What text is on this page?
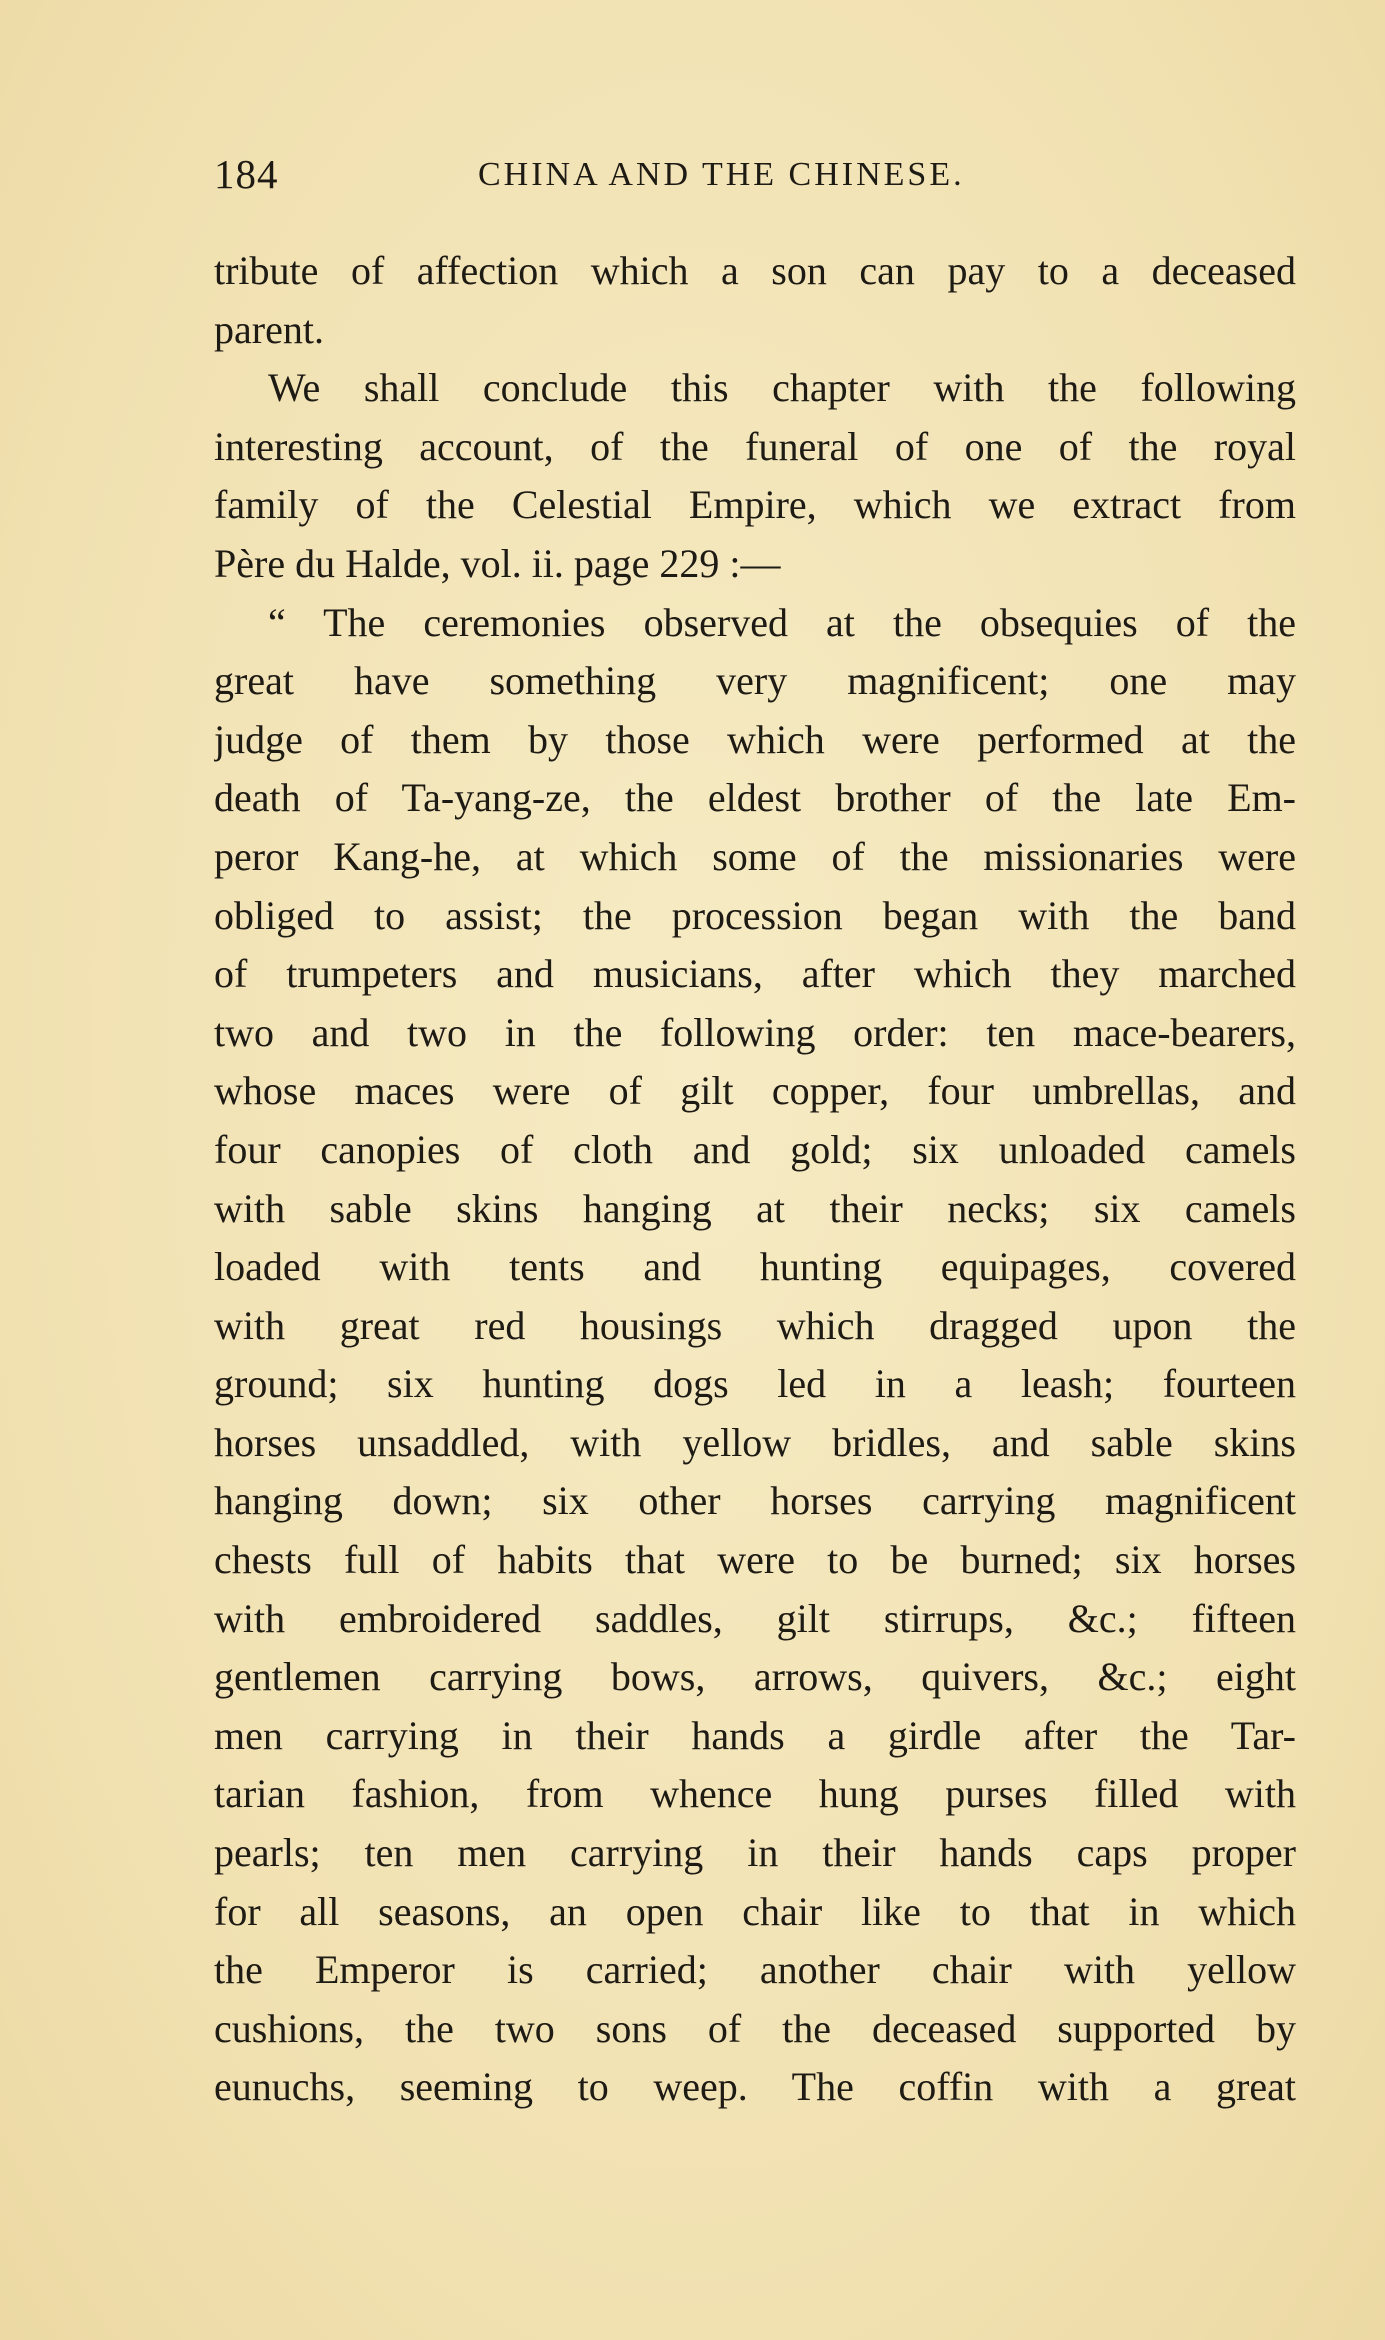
184	CHINA AND THE CHINESE.
tribute of affection which a son can pay to a deceased
parent.
We shall conclude this chapter with the following
interesting account, of the funeral of one of the royal
family of the Celestial Empire, which we extract from
Père du Halde, vol. ii. page 229 :—
“ The ceremonies observed at the obsequies of the
great have something very magnificent; one may
judge of them by those which were performed at the
death of Ta-yang-ze, the eldest brother of the late Em-
peror Kang-he, at which some of the missionaries were
obliged to assist; the procession began with the band
of trumpeters and musicians, after which they marched
two and two in the following order: ten mace-bearers,
whose maces were of gilt copper, four umbrellas, and
four canopies of cloth and gold; six unloaded camels
with sable skins hanging at their necks; six camels
loaded with tents and hunting equipages, covered
with great red housings which dragged upon the
ground; six hunting dogs led in a leash; fourteen
horses unsaddled, with yellow bridles, and sable skins
hanging down; six other horses carrying magnificent
chests full of habits that were to be burned; six horses
with embroidered saddles, gilt stirrups, &c.; fifteen
gentlemen carrying bows, arrows, quivers, &c.; eight
men carrying in their hands a girdle after the Tar-
tarian fashion, from whence hung purses filled with
pearls; ten men carrying in their hands caps proper
for all seasons, an open chair like to that in which
the Emperor is carried; another chair with yellow
cushions, the two sons of the deceased supported by
eunuchs, seeming to weep. The coffin with a great
